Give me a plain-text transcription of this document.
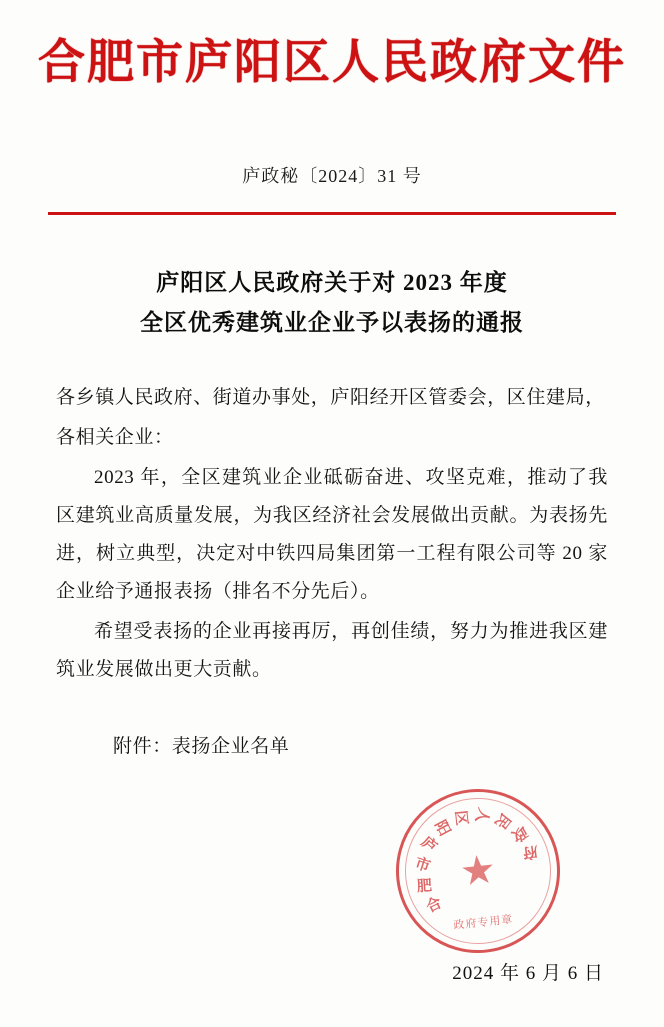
合肥市庐阳区人民政府文件
庐政秘〔2024〕31 号
庐阳区人民政府关于对 2023 年度
全区优秀建筑业企业予以表扬的通报

各乡镇人民政府、街道办事处，庐阳经开区管委会，区住建局，

各相关企业：

2023 年，全区建筑业企业砥砺奋进、攻坚克难，推动了我区建筑业高质量发展，为我区经济社会发展做出贡献。为表扬先进，树立典型，决定对中铁四局集团第一工程有限公司等 20 家企业给予通报表扬（排名不分先后）。

希望受表扬的企业再接再厉，再创佳绩，努力为推进我区建筑业发展做出更大贡献。

附件：表扬企业名单
合
肥
市
庐
阳
区 人 民
政
府
★
政府专用章
2024 年 6 月 6 日
